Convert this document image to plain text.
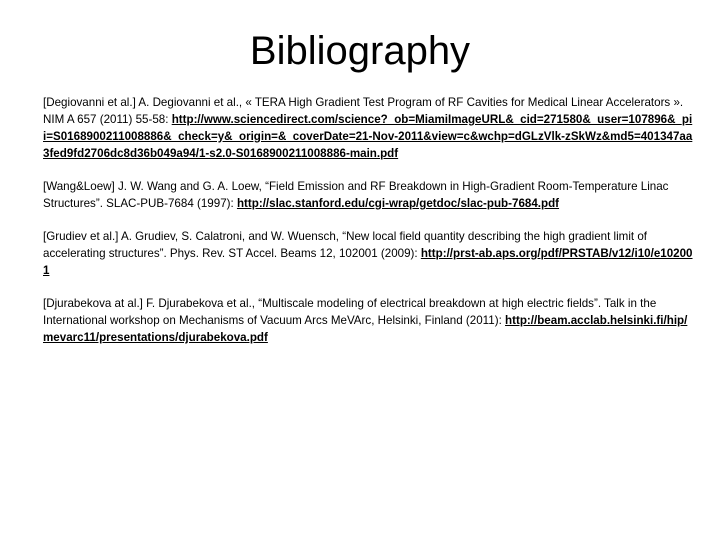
Bibliography

[Degiovanni et al.] A. Degiovanni et al., « TERA High Gradient Test Program of RF Cavities for Medical Linear Accelerators ». NIM A 657 (2011) 55-58: http://www.sciencedirect.com/science?_ob=MiamiImageURL&_cid=271580&_user=107896&_pii=S0168900211008886&_check=y&_origin=&_coverDate=21-Nov-2011&view=c&wchp=dGLzVlk-zSkWz&md5=401347aa3fed9fd2706dc8d36b049a94/1-s2.0-S0168900211008886-main.pdf

[Wang&Loew] J. W. Wang and G. A. Loew, “Field Emission and RF Breakdown in High-Gradient Room-Temperature Linac Structures”. SLAC-PUB-7684 (1997): http://slac.stanford.edu/cgi-wrap/getdoc/slac-pub-7684.pdf

[Grudiev et al.] A. Grudiev, S. Calatroni, and W. Wuensch, “New local field quantity describing the high gradient limit of accelerating structures”. Phys. Rev. ST Accel. Beams 12, 102001 (2009): http://prst-ab.aps.org/pdf/PRSTAB/v12/i10/e102001

[Djurabekova at al.] F. Djurabekova et al., “Multiscale modeling of electrical breakdown at high electric fields”. Talk in the International workshop on Mechanisms of Vacuum Arcs MeVArc, Helsinki, Finland (2011): http://beam.acclab.helsinki.fi/hip/mevarc11/presentations/djurabekova.pdf
